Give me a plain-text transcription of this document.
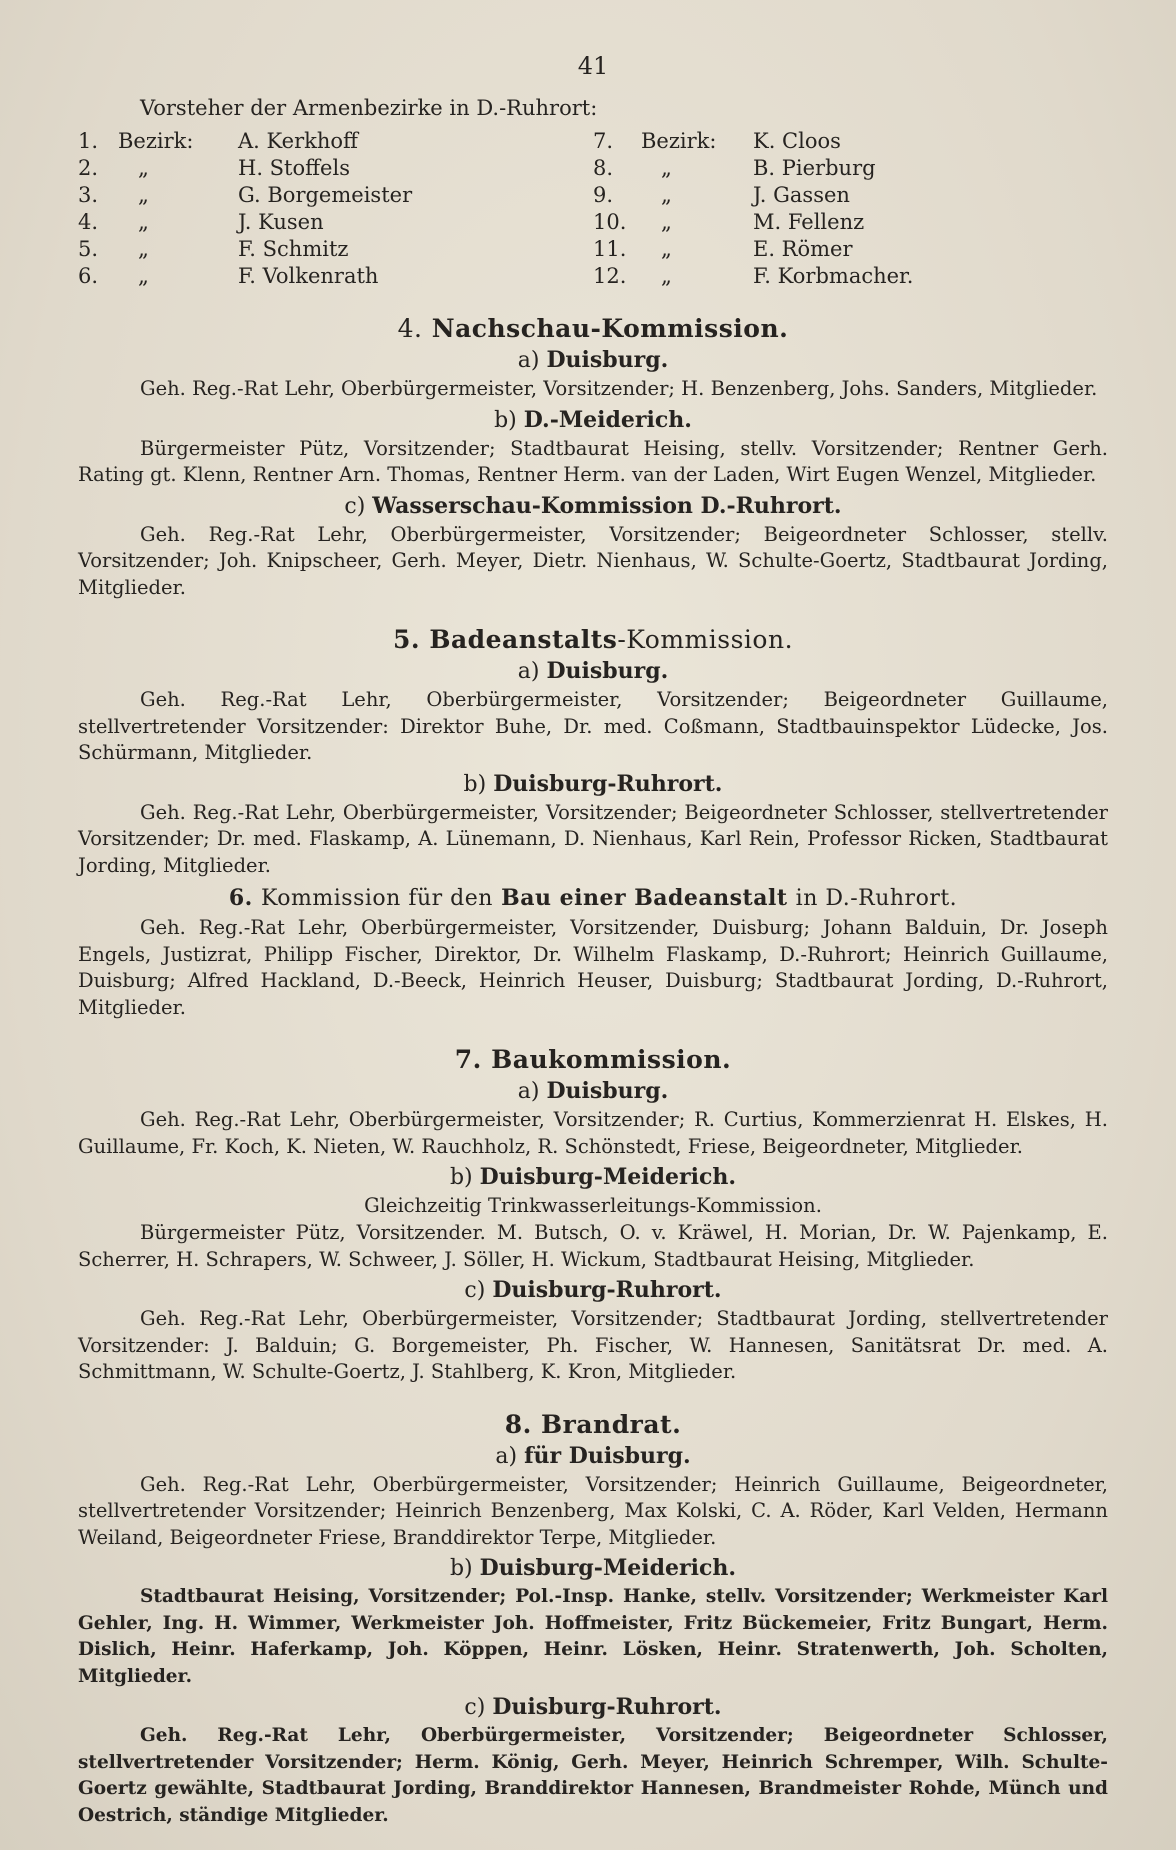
41
Vorsteher der Armenbezirke in D.-Ruhrort:
1. Bezirk:	A. Kerkhoff
2.	„	H. Stoffels
3.	„	G. Borgemeister
4.	„	J. Kusen
5.	„	F. Schmitz
6.	„	F. Volkenrath
7.	Bezirk:	K. Cloos
8.	„	B. Pierburg
9.	„	J. Gassen
10.	„	M. Fellenz
11.	„	E. Römer
12.	„	F. Korbmacher.
4. Nachschau-Kommission.
a) Duisburg.

Geh. Reg.-Rat Lehr, Oberbürgermeister, Vorsitzender; H. Benzenberg, Johs. Sanders, Mitglieder.

b) D.-Meiderich.

Bürgermeister Pütz, Vorsitzender; Stadtbaurat Heising, stellv. Vorsitzender; Rentner Gerh. Rating gt. Klenn, Rentner Arn. Thomas, Rentner Herm. van der Laden, Wirt Eugen Wenzel, Mitglieder.

c) Wasserschau-Kommission D.-Ruhrort.

Geh. Reg.-Rat Lehr, Oberbürgermeister, Vorsitzender; Beigeordneter Schlosser, stellv. Vorsitzender; Joh. Knipscheer, Gerh. Meyer, Dietr. Nienhaus, W. Schulte-Goertz, Stadtbaurat Jording, Mitglieder.

5. Badeanstalts-Kommission.
a) Duisburg.

Geh. Reg.-Rat Lehr, Oberbürgermeister, Vorsitzender; Beigeordneter Guillaume, stellvertretender Vorsitzender: Direktor Buhe, Dr. med. Coßmann, Stadtbauinspektor Lüdecke, Jos. Schürmann, Mitglieder.

b) Duisburg-Ruhrort.

Geh. Reg.-Rat Lehr, Oberbürgermeister, Vorsitzender; Beigeordneter Schlosser, stellvertretender Vorsitzender; Dr. med. Flaskamp, A. Lünemann, D. Nienhaus, Karl Rein, Professor Ricken, Stadtbaurat Jording, Mitglieder.

6. Kommission für den Bau einer Badeanstalt in D.-Ruhrort.

Geh. Reg.-Rat Lehr, Oberbürgermeister, Vorsitzender, Duisburg; Johann Balduin, Dr. Joseph Engels, Justizrat, Philipp Fischer, Direktor, Dr. Wilhelm Flaskamp, D.-Ruhrort; Heinrich Guillaume, Duisburg; Alfred Hackland, D.-Beeck, Heinrich Heuser, Duisburg; Stadtbaurat Jording, D.-Ruhrort, Mitglieder.

7. Baukommission.
a) Duisburg.

Geh. Reg.-Rat Lehr, Oberbürgermeister, Vorsitzender; R. Curtius, Kommerzienrat H. Elskes, H. Guillaume, Fr. Koch, K. Nieten, W. Rauchholz, R. Schönstedt, Friese, Beigeordneter, Mitglieder.

b) Duisburg-Meiderich.
Gleichzeitig Trinkwasserleitungs-Kommission.

Bürgermeister Pütz, Vorsitzender. M. Butsch, O. v. Kräwel, H. Morian, Dr. W. Pajenkamp, E. Scherrer, H. Schrapers, W. Schweer, J. Söller, H. Wickum, Stadtbaurat Heising, Mitglieder.

c) Duisburg-Ruhrort.

Geh. Reg.-Rat Lehr, Oberbürgermeister, Vorsitzender; Stadtbaurat Jording, stellvertretender Vorsitzender: J. Balduin; G. Borgemeister, Ph. Fischer, W. Hannesen, Sanitätsrat Dr. med. A. Schmittmann, W. Schulte-Goertz, J. Stahlberg, K. Kron, Mitglieder.

8. Brandrat.
a) für Duisburg.

Geh. Reg.-Rat Lehr, Oberbürgermeister, Vorsitzender; Heinrich Guillaume, Beigeordneter, stellvertretender Vorsitzender; Heinrich Benzenberg, Max Kolski, C. A. Röder, Karl Velden, Hermann Weiland, Beigeordneter Friese, Branddirektor Terpe, Mitglieder.

b) Duisburg-Meiderich.

Stadtbaurat Heising, Vorsitzender; Pol.-Insp. Hanke, stellv. Vorsitzender; Werkmeister Karl Gehler, Ing. H. Wimmer, Werkmeister Joh. Hoffmeister, Fritz Bückemeier, Fritz Bungart, Herm. Dislich, Heinr. Haferkamp, Joh. Köppen, Heinr. Lösken, Heinr. Stratenwerth, Joh. Scholten, Mitglieder.

c) Duisburg-Ruhrort.

Geh. Reg.-Rat Lehr, Oberbürgermeister, Vorsitzender; Beigeordneter Schlosser, stellvertretender Vorsitzender; Herm. König, Gerh. Meyer, Heinrich Schremper, Wilh. Schulte-Goertz gewählte, Stadtbaurat Jording, Branddirektor Hannesen, Brandmeister Rohde, Münch und Oestrich, ständige Mitglieder.
